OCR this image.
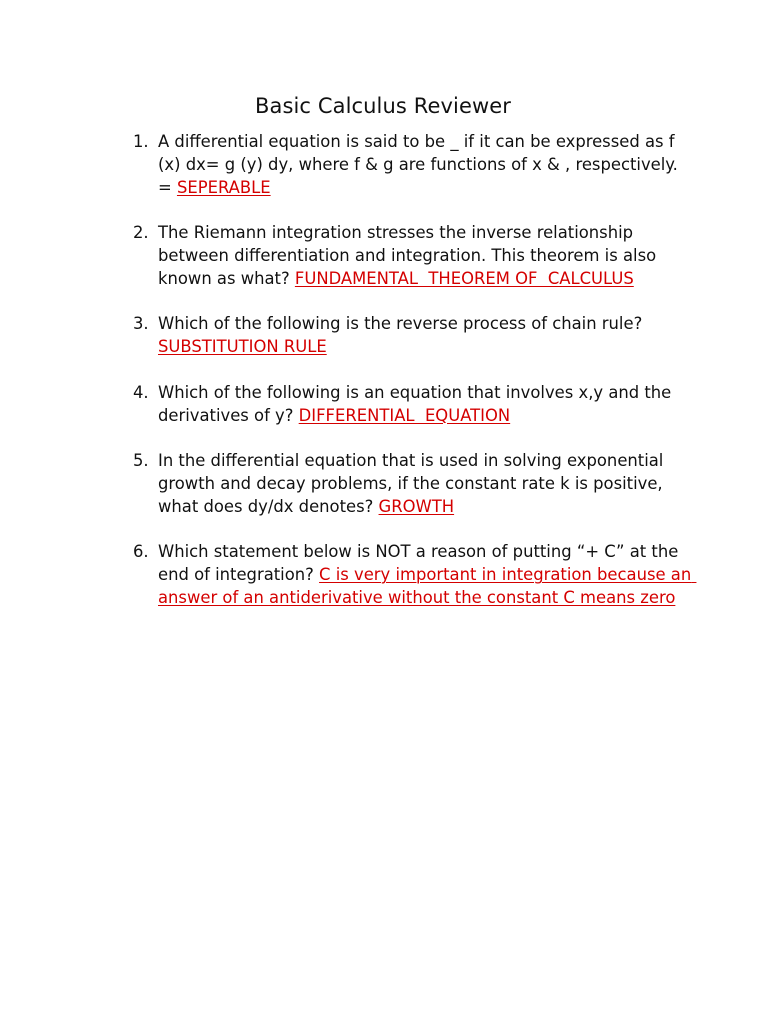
Basic Calculus Reviewer
1. A differential equation is said to be _ if it can be expressed as f (x) dx= g (y) dy, where f & g are functions of x & , respectively. = SEPERABLE
2. The Riemann integration stresses the inverse relationship between differentiation and integration. This theorem is also known as what? FUNDAMENTAL  THEOREM OF  CALCULUS
3. Which of the following is the reverse process of chain rule? SUBSTITUTION RULE
4. Which of the following is an equation that involves x,y and the derivatives of y? DIFFERENTIAL  EQUATION
5. In the differential equation that is used in solving exponential growth and decay problems, if the constant rate k is positive, what does dy/dx denotes? GROWTH
6. Which statement below is NOT a reason of putting “+ C” at the end of integration? C is very important in integration because an answer of an antiderivative without the constant C means zero
